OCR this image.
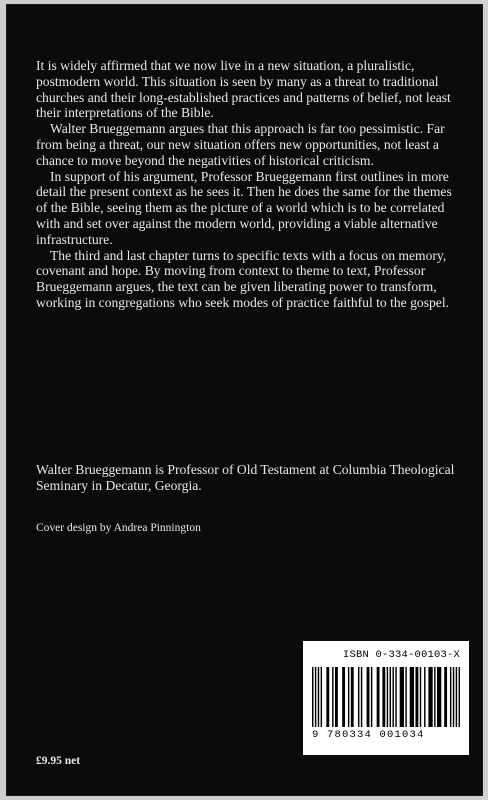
It is widely affirmed that we now live in a new situation, a pluralistic, postmodern world. This situation is seen by many as a threat to traditional churches and their long-established practices and patterns of belief, not least their interpretations of the Bible.

Walter Brueggemann argues that this approach is far too pessimistic. Far from being a threat, our new situation offers new opportunities, not least a chance to move beyond the negativities of historical criticism.

In support of his argument, Professor Brueggemann first outlines in more detail the present context as he sees it. Then he does the same for the themes of the Bible, seeing them as the picture of a world which is to be correlated with and set over against the modern world, providing a viable alternative infrastructure.

The third and last chapter turns to specific texts with a focus on memory, covenant and hope. By moving from context to theme to text, Professor Brueggemann argues, the text can be given liberating power to transform, working in congregations who seek modes of practice faithful to the gospel.

Walter Brueggemann is Professor of Old Testament at Columbia Theological Seminary in Decatur, Georgia.
Cover design by Andrea Pinnington
£9.95 net
ISBN 0-334-00103-X
9 780334 001034
